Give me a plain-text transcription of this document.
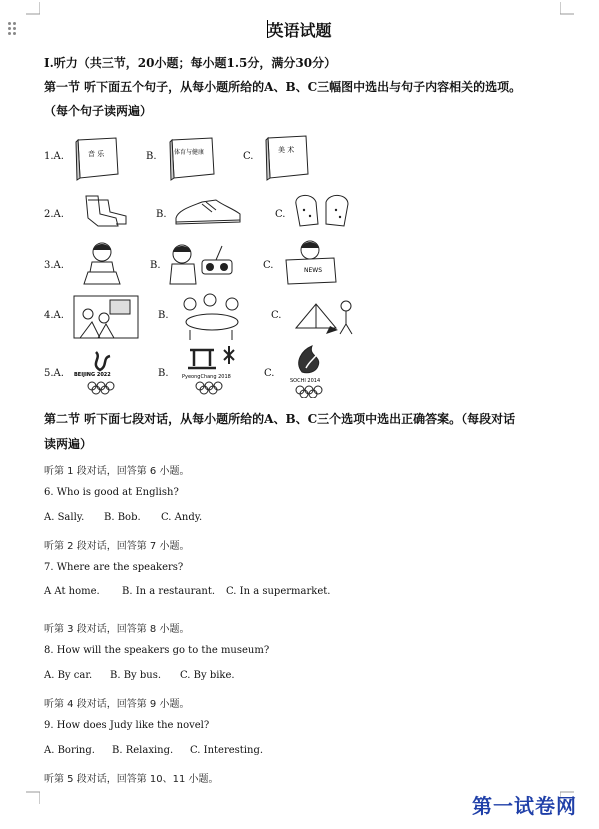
英语试题
I.听力（共三节，20小题；每小题1.5分，满分30分）
第一节 听下面五个句子，从每小题所给的A、B、C三幅图中选出与句子内容相关的选项。
（每个句子读两遍）
1.A.	音 乐	B.	体育与健康	C.
美 术
2.A.	B.	C.
3.A.	B.	C.	NEWS
4.A.	B.	C.
5.A. BEIJING 2022	B.	PyeongChang 2018	C.
SOCHI 2014
第二节 听下面七段对话，从每小题所给的A、B、C三个选项中选出正确答案。（每段对话
读两遍）
听第 1 段对话，回答第 6 小题。
6. Who is good at English?
A. Sally. B. Bob. C. Andy.
听第 2 段对话，回答第 7 小题。
7. Where are the speakers?
A At home. B. In a restaurant. C. In a supermarket.
听第 3 段对话，回答第 8 小题。
8. How will the speakers go to the museum?
A. By car. B. By bus. C. By bike.
听第 4 段对话，回答第 9 小题。
9. How does Judy like the novel?
A. Boring. B. Relaxing. C. Interesting.
听第 5 段对话，回答第 10、11 小题。
第一试卷网
